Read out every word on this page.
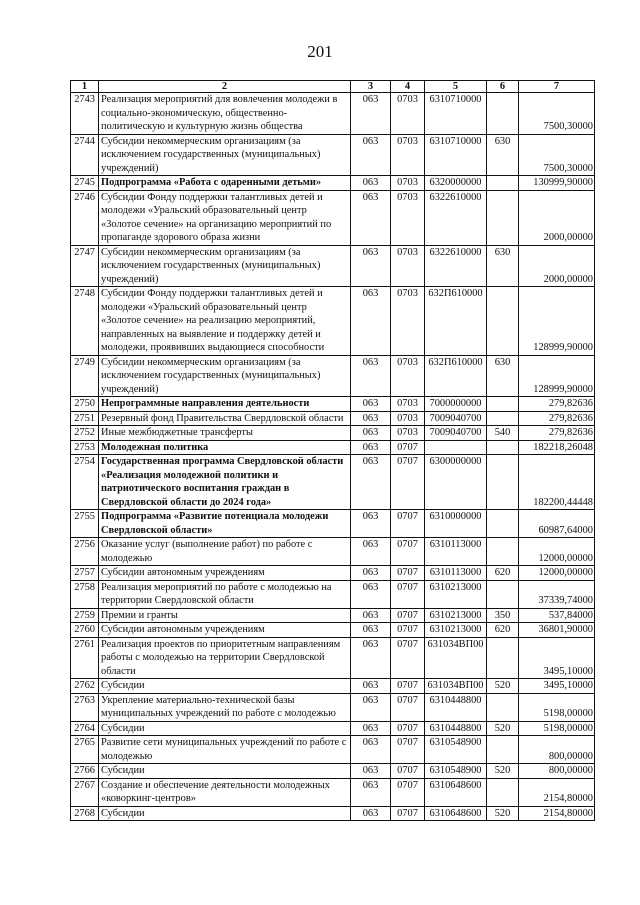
201
1	2	3	4	5	6	7
2743	Реализация мероприятий для вовлечения молодежи в социально-экономическую, общественно-политическую и культурную жизнь общества	063	0703	6310710000		7500,30000
2744	Субсидии некоммерческим организациям (за исключением государственных (муниципальных) учреждений)	063	0703	6310710000	630	7500,30000
2745	Подпрограмма «Работа с одаренными детьми»	063	0703	6320000000		130999,90000
2746	Субсидии Фонду поддержки талантливых детей и молодежи «Уральский образовательный центр «Золотое сечение» на организацию мероприятий по пропаганде здорового образа жизни	063	0703	6322610000		2000,00000
2747	Субсидии некоммерческим организациям (за исключением государственных (муниципальных) учреждений)	063	0703	6322610000	630	2000,00000
2748	Субсидии Фонду поддержки талантливых детей и молодежи «Уральский образовательный центр «Золотое сечение» на реализацию мероприятий, направленных на выявление и поддержку детей и молодежи, проявивших выдающиеся способности	063	0703	632П610000		128999,90000
2749	Субсидии некоммерческим организациям (за исключением государственных (муниципальных) учреждений)	063	0703	632П610000	630	128999,90000
2750	Непрограммные направления деятельности	063	0703	7000000000		279,82636
2751	Резервный фонд Правительства Свердловской области	063	0703	7009040700		279,82636
2752	Иные межбюджетные трансферты	063	0703	7009040700	540	279,82636
2753	Молодежная политика	063	0707			182218,26048
2754	Государственная программа Свердловской области «Реализация молодежной политики и патриотического воспитания граждан в Свердловской области до 2024 года»	063	0707	6300000000		182200,44448
2755	Подпрограмма «Развитие потенциала молодежи Свердловской области»	063	0707	6310000000		60987,64000
2756	Оказание услуг (выполнение работ) по работе с молодежью	063	0707	6310113000		12000,00000
2757	Субсидии автономным учреждениям	063	0707	6310113000	620	12000,00000
2758	Реализация мероприятий по работе с молодежью на территории Свердловской области	063	0707	6310213000		37339,74000
2759	Премии и гранты	063	0707	6310213000	350	537,84000
2760	Субсидии автономным учреждениям	063	0707	6310213000	620	36801,90000
2761	Реализация проектов по приоритетным направлениям работы с молодежью на территории Свердловской области	063	0707	631034ВП00		3495,10000
2762	Субсидии	063	0707	631034ВП00	520	3495,10000
2763	Укрепление материально-технической базы муниципальных учреждений по работе с молодежью	063	0707	6310448800		5198,00000
2764	Субсидии	063	0707	6310448800	520	5198,00000
2765	Развитие сети муниципальных учреждений по работе с молодежью	063	0707	6310548900		800,00000
2766	Субсидии	063	0707	6310548900	520	800,00000
2767	Создание и обеспечение деятельности молодежных «коворкинг-центров»	063	0707	6310648600		2154,80000
2768	Субсидии	063	0707	6310648600	520	2154,80000
